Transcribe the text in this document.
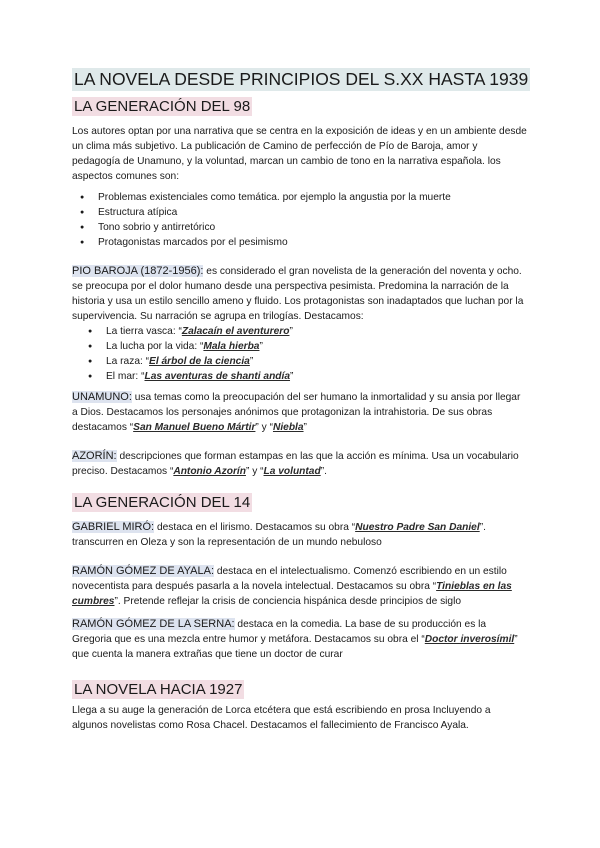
LA NOVELA DESDE PRINCIPIOS DEL S.XX HASTA 1939
LA GENERACIÓN DEL 98

Los autores optan por una narrativa que se centra en la exposición de ideas y en un ambiente desde un clima más subjetivo. La publicación de Camino de perfección de Pío de Baroja, amor y pedagogía de Unamuno, y la voluntad, marcan un cambio de tono en la narrativa española. los aspectos comunes son:

● Problemas existenciales como temática. por ejemplo la angustia por la muerte
● Estructura atípica
● Tono sobrio y antirretórico
● Protagonistas marcados por el pesimismo

PIO BAROJA (1872-1956): es considerado el gran novelista de la generación del noventa y ocho. se preocupa por el dolor humano desde una perspectiva pesimista. Predomina la narración de la historia y usa un estilo sencillo ameno y fluido. Los protagonistas son inadaptados que luchan por la supervivencia. Su narración se agrupa en trilogías. Destacamos:

● La tierra vasca: “Zalacaín el aventurero”
● La lucha por la vida: “Mala hierba”
● La raza: “El árbol de la ciencia”
● El mar: “Las aventuras de shanti andía”

UNAMUNO: usa temas como la preocupación del ser humano la inmortalidad y su ansia por llegar a Dios. Destacamos los personajes anónimos que protagonizan la intrahistoria. De sus obras destacamos “San Manuel Bueno Mártir” y “Niebla”

AZORÍN: descripciones que forman estampas en las que la acción es mínima. Usa un vocabulario preciso. Destacamos “Antonio Azorín” y “La voluntad”.

LA GENERACIÓN DEL 14

GABRIEL MIRÓ: destaca en el lirismo. Destacamos su obra “Nuestro Padre San Daniel”. transcurren en Oleza y son la representación de un mundo nebuloso

RAMÓN GÓMEZ DE AYALA: destaca en el intelectualismo. Comenzó escribiendo en un estilo novecentista para después pasarla a la novela intelectual. Destacamos su obra “Tinieblas en las cumbres”. Pretende reflejar la crisis de conciencia hispánica desde principios de siglo

RAMÓN GÓMEZ DE LA SERNA: destaca en la comedia. La base de su producción es la Gregoria que es una mezcla entre humor y metáfora. Destacamos su obra el “Doctor inverosímil” que cuenta la manera extrañas que tiene un doctor de curar

LA NOVELA HACIA 1927

Llega a su auge la generación de Lorca etcétera que está escribiendo en prosa Incluyendo a algunos novelistas como Rosa Chacel. Destacamos el fallecimiento de Francisco Ayala.
